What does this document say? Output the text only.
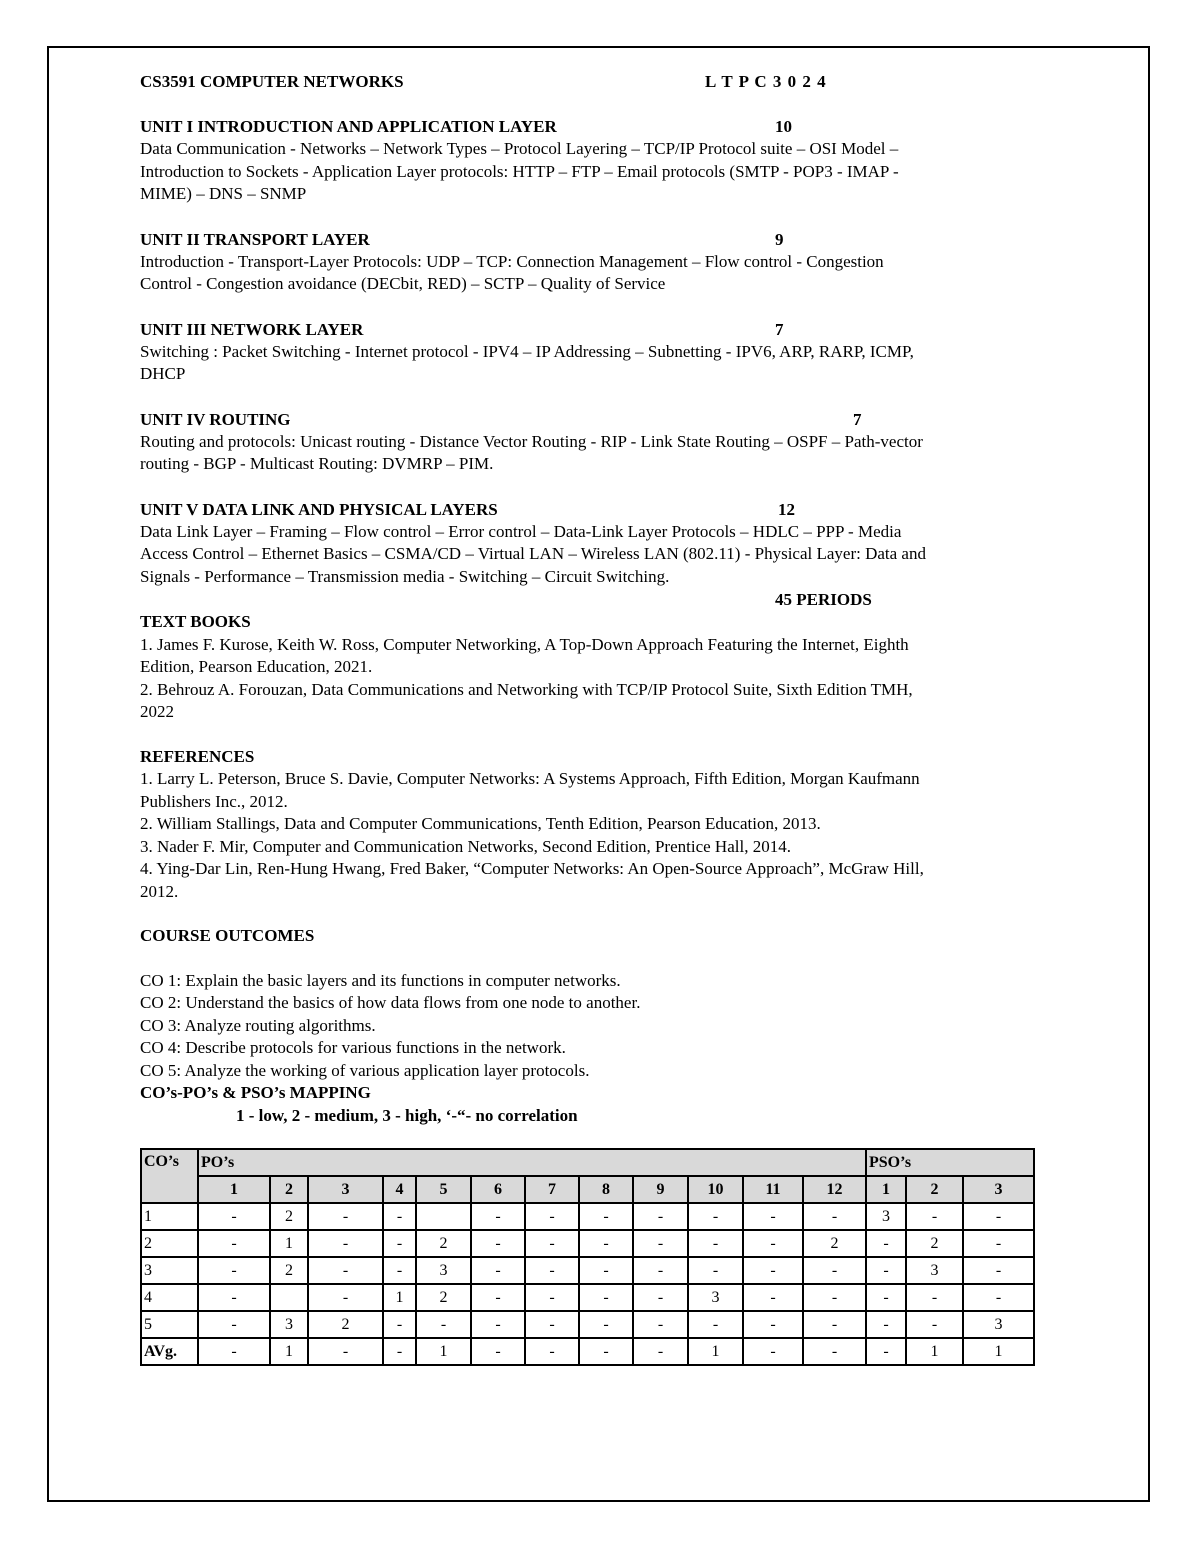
CS3591 COMPUTER NETWORKS	L T P C 3 0 2 4
UNIT I INTRODUCTION AND APPLICATION LAYER	10
Data Communication - Networks – Network Types – Protocol Layering – TCP/IP Protocol suite – OSI Model –
Introduction to Sockets - Application Layer protocols: HTTP – FTP – Email protocols (SMTP - POP3 - IMAP -
MIME) – DNS – SNMP
UNIT II TRANSPORT LAYER	9
Introduction - Transport-Layer Protocols: UDP – TCP: Connection Management – Flow control - Congestion
Control - Congestion avoidance (DECbit, RED) – SCTP – Quality of Service
UNIT III NETWORK LAYER	7
Switching : Packet Switching - Internet protocol - IPV4 – IP Addressing – Subnetting - IPV6, ARP, RARP, ICMP,
DHCP
UNIT IV ROUTING	7
Routing and protocols: Unicast routing - Distance Vector Routing - RIP - Link State Routing – OSPF – Path-vector
routing - BGP - Multicast Routing: DVMRP – PIM.
UNIT V DATA LINK AND PHYSICAL LAYERS	12
Data Link Layer – Framing – Flow control – Error control – Data-Link Layer Protocols – HDLC – PPP - Media
Access Control – Ethernet Basics – CSMA/CD – Virtual LAN – Wireless LAN (802.11) - Physical Layer: Data and
Signals - Performance – Transmission media - Switching – Circuit Switching.
45 PERIODS
TEXT BOOKS
1. James F. Kurose, Keith W. Ross, Computer Networking, A Top-Down Approach Featuring the Internet, Eighth
Edition, Pearson Education, 2021.
2. Behrouz A. Forouzan, Data Communications and Networking with TCP/IP Protocol Suite, Sixth Edition TMH,
2022
REFERENCES
1. Larry L. Peterson, Bruce S. Davie, Computer Networks: A Systems Approach, Fifth Edition, Morgan Kaufmann
Publishers Inc., 2012.
2. William Stallings, Data and Computer Communications, Tenth Edition, Pearson Education, 2013.
3. Nader F. Mir, Computer and Communication Networks, Second Edition, Prentice Hall, 2014.
4. Ying-Dar Lin, Ren-Hung Hwang, Fred Baker, “Computer Networks: An Open-Source Approach”, McGraw Hill,
2012.
COURSE OUTCOMES
CO 1: Explain the basic layers and its functions in computer networks.
CO 2: Understand the basics of how data flows from one node to another.
CO 3: Analyze routing algorithms.
CO 4: Describe protocols for various functions in the network.
CO 5: Analyze the working of various application layer protocols.
CO’s-PO’s & PSO’s MAPPING
1 - low, 2 - medium, 3 - high, ‘-“- no correlation
CO’s	PO’s												PSO’s		
	1	2	3	4	5	6	7	8	9	10	11	12	1	2	3
1	-	2	-	-		-	-	-	-	-	-	-	3	-	-
2	-	1	-	-	2	-	-	-	-	-	-	2	-	2	-
3	-	2	-	-	3	-	-	-	-	-	-	-	-	3	-
4	-		-	1	2	-	-	-	-	3	-	-	-	-	-
5	-	3	2	-	-	-	-	-	-	-	-	-	-	-	3
AVg.	-	1	-	-	1	-	-	-	-	1	-	-	-	1	1
